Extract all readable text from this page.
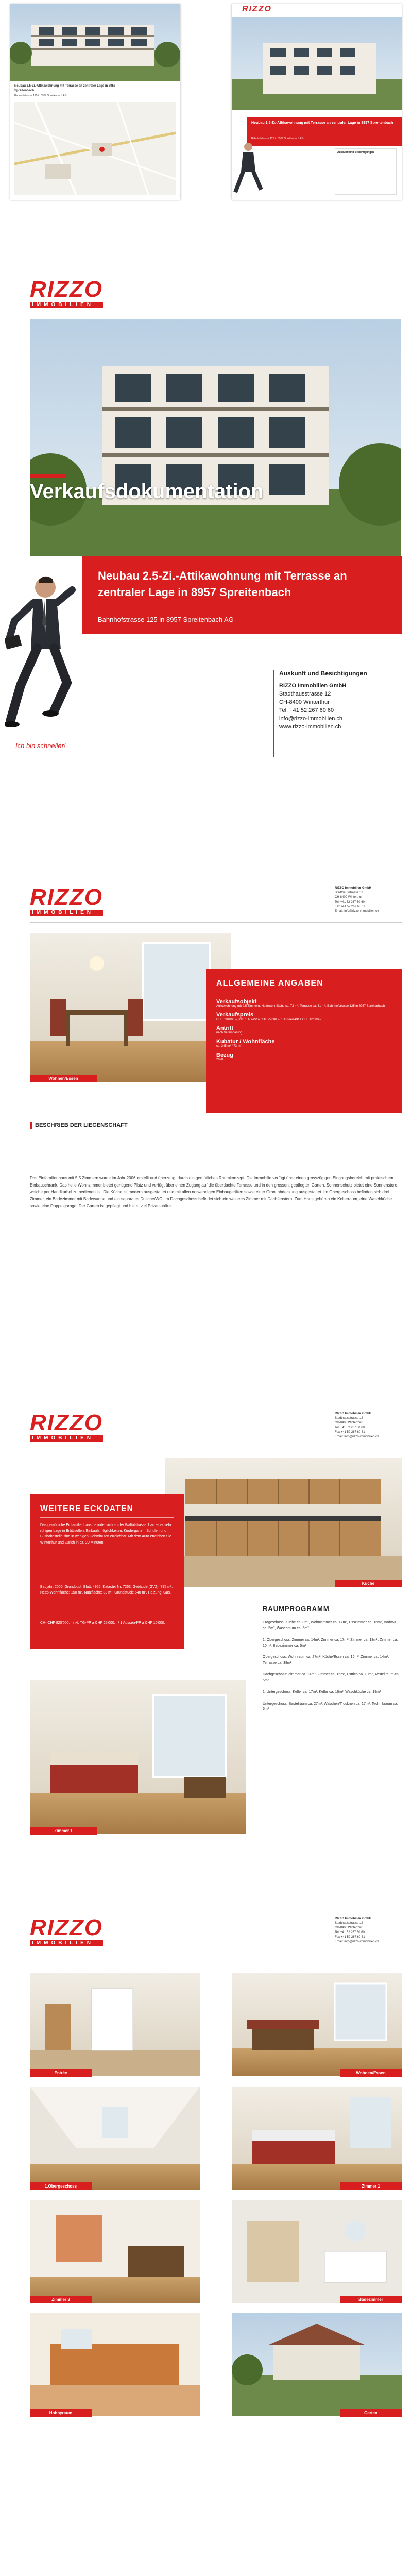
Neubau 2.5-Zi.-Attikawohnung mit Terrasse an zentraler Lage in 8957 Spreitenbach
Bahnhofstrasse 125 in 8957 Spreitenbach AG
RIZZO
Neubau 2.5-Zi.-Attikawohnung mit Terrasse an zentraler Lage in 8957 Spreitenbach
Bahnhofstrasse 125 in 8957 Spreitenbach AG
Auskunft und Besichtigungen
RIZZO
IMMOBILIEN
Verkaufsdokumentation
Neubau 2.5-Zi.-Attikawohnung mit Terrasse an zentraler Lage in 8957 Spreitenbach
Bahnhofstrasse 125 in 8957 Spreitenbach AG
Ich bin schneller!
Auskunft und Besichtigungen
RIZZO Immobilien GmbH
Stadthausstrasse 12
CH-8400 Winterthur
Tel. +41 52 267 60 60
info@rizzo-immobilien.ch
www.rizzo-immobilien.ch
RIZZO
IMMOBILIEN
RIZZO Immobilien GmbH
Stadthausstrasse 12
CH-8400 Winterthur
Tel. +41 52 267 60 60
Fax +41 52 267 60 61
Email: info@rizzo-immobilien.ch
Wohnen/Essen
ALLGEMEINE ANGABEN
Verkaufsobjekt
Attikawohnung mit 2.5 Zimmern, Nettowohnfläche ca. 73 m², Terrasse ca. 51 m², Bahnhofstrasse 125 in 8957 Spreitenbach
Verkaufspreis
CHF 690'000.–, inkl. 1 TG-PP à CHF 25'000.–, 1 Aussen-PP à CHF 10'000.–
Antritt
nach Vereinbarung
Kubatur / Wohnfläche
ca. 245 m³ / 73 m²
Bezug
2020
BESCHRIEB DER LIEGENSCHAFT
Das Einfamilienhaus mit 5.5 Zimmern wurde im Jahr 2006 erstellt und überzeugt durch ein gemütliches Raumkonzept. Die Immobilie verfügt über einen grosszügigen Eingangsbereich mit praktischem Einbauschrank. Das helle Wohnzimmer bietet genügend Platz und verfügt über einen Zugang auf die überdachte Terrasse und in den grossen, gepflegten Garten. Sonnenschutz bietet eine Sonnenstore, welche per Handkurbel zu bedienen ist. Die Küche ist modern ausgestattet und mit allen notwendigen Einbaugeräten sowie einer Granitabdeckung ausgestattet. Im Obergeschoss befinden sich drei Zimmer, ein Badezimmer mit Badewanne und ein separates Dusche/WC. Im Dachgeschoss befindet sich ein weiteres Zimmer mit Dachfenstern. Zum Haus gehören ein Kellerraum, eine Waschküche sowie eine Doppelgarage. Der Garten ist gepflegt und bietet viel Privatsphäre.
RIZZO
IMMOBILIEN
RIZZO Immobilien GmbH
Stadthausstrasse 12
CH-8400 Winterthur
Tel. +41 52 267 60 60
Fax +41 52 267 60 61
Email: info@rizzo-immobilien.ch
Küche
WEITERE ECKDATEN
Das gemütliche Einfamilienhaus befindet sich an der Waltalstrasse 1 an einer sehr ruhigen Lage in Brüttisellen. Einkaufsmöglichkeiten, Kindergarten, Schulen und Bushaltestelle sind in wenigen Gehminuten erreichbar. Mit dem Auto erreichen Sie Winterthur und Zürich in ca. 20 Minuten.
Baujahr: 2006, Grundbuch Blatt: 4966, Kataster Nr. 7263, Gebäude (GVZ): 795 m³, Netto-Wohnfläche: 150 m², Nutzfläche: 33 m², Grundstück: 540 m², Heizung: Gas.
CH- CHF 920'000.– inkl. TG-PP à CHF 25'000.– / 1 Aussen-PP à CHF 10'000.–
RAUMPROGRAMM
Erdgeschoss: Küche ca. 8m², Wohnzimmer ca. 17m², Esszimmer ca. 16m², Bad/WC ca. 5m², Waschraum ca. 6m²
1. Obergeschoss: Zimmer ca. 14m², Zimmer ca. 17m², Zimmer ca. 13m², Zimmer ca. 10m², Badezimmer ca. 5m²
Obergeschoss: Wohnraum ca. 27m², Küche/Essen ca. 16m², Zimmer ca. 14m², Terrasse ca. 38m²
Dachgeschoss: Zimmer ca. 14m², Zimmer ca. 15m², Estrich ca. 10m², Abstellraum ca. 5m²
1. Untergeschoss: Keller ca. 17m², Keller ca. 16m², Waschküche ca. 19m²
Untergeschoss: Bastelraum ca. 27m², Waschen/Trocknen ca. 17m², Technikraum ca. 6m²
Zimmer 1
RIZZO
IMMOBILIEN
RIZZO Immobilien GmbH
Stadthausstrasse 12
CH-8400 Winterthur
Tel. +41 52 267 60 60
Fax +41 52 267 60 61
Email: info@rizzo-immobilien.ch
Entrée	Wohnen/Essen
1.Obergeschoss	Zimmer 1
Zimmer 3	Badezimmer
Hobbyraum	Garten
